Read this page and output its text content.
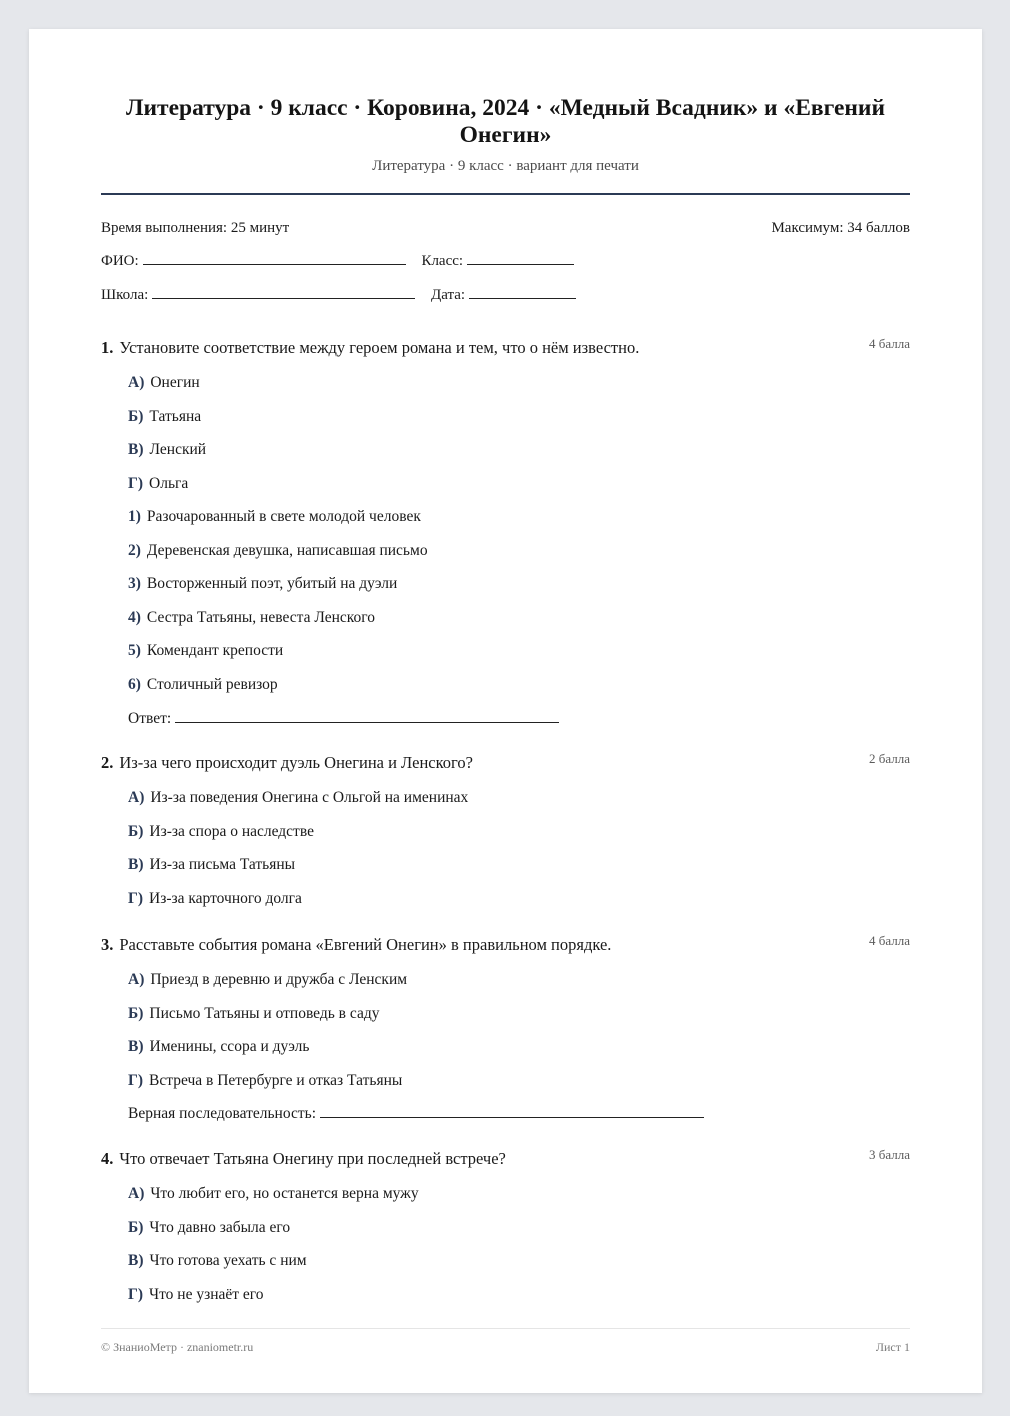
Литература · 9 класс · Коровина, 2024 · «Медный Всадник» и «Евгений Онегин»
Литература · 9 класс · вариант для печати
Время выполнения: 25 минут	Максимум: 34 баллов
ФИО:	Класс:
Школа:	Дата:
1. Установите соответствие между героем романа и тем, что о нём известно.	4 балла
А) Онегин
Б) Татьяна
В) Ленский
Г) Ольга
1) Разочарованный в свете молодой человек
2) Деревенская девушка, написавшая письмо
3) Восторженный поэт, убитый на дуэли
4) Сестра Татьяны, невеста Ленского
5) Комендант крепости
6) Столичный ревизор
Ответ:
2. Из-за чего происходит дуэль Онегина и Ленского?	2 балла
А) Из-за поведения Онегина с Ольгой на именинах
Б) Из-за спора о наследстве
В) Из-за письма Татьяны
Г) Из-за карточного долга
3. Расставьте события романа «Евгений Онегин» в правильном порядке.	4 балла
А) Приезд в деревню и дружба с Ленским
Б) Письмо Татьяны и отповедь в саду
В) Именины, ссора и дуэль
Г) Встреча в Петербурге и отказ Татьяны
Верная последовательность:
4. Что отвечает Татьяна Онегину при последней встрече?	3 балла
А) Что любит его, но останется верна мужу
Б) Что давно забыла его
В) Что готова уехать с ним
Г) Что не узнаёт его
© ЗнаниоМетр · znaniometr.ru	Лист 1
